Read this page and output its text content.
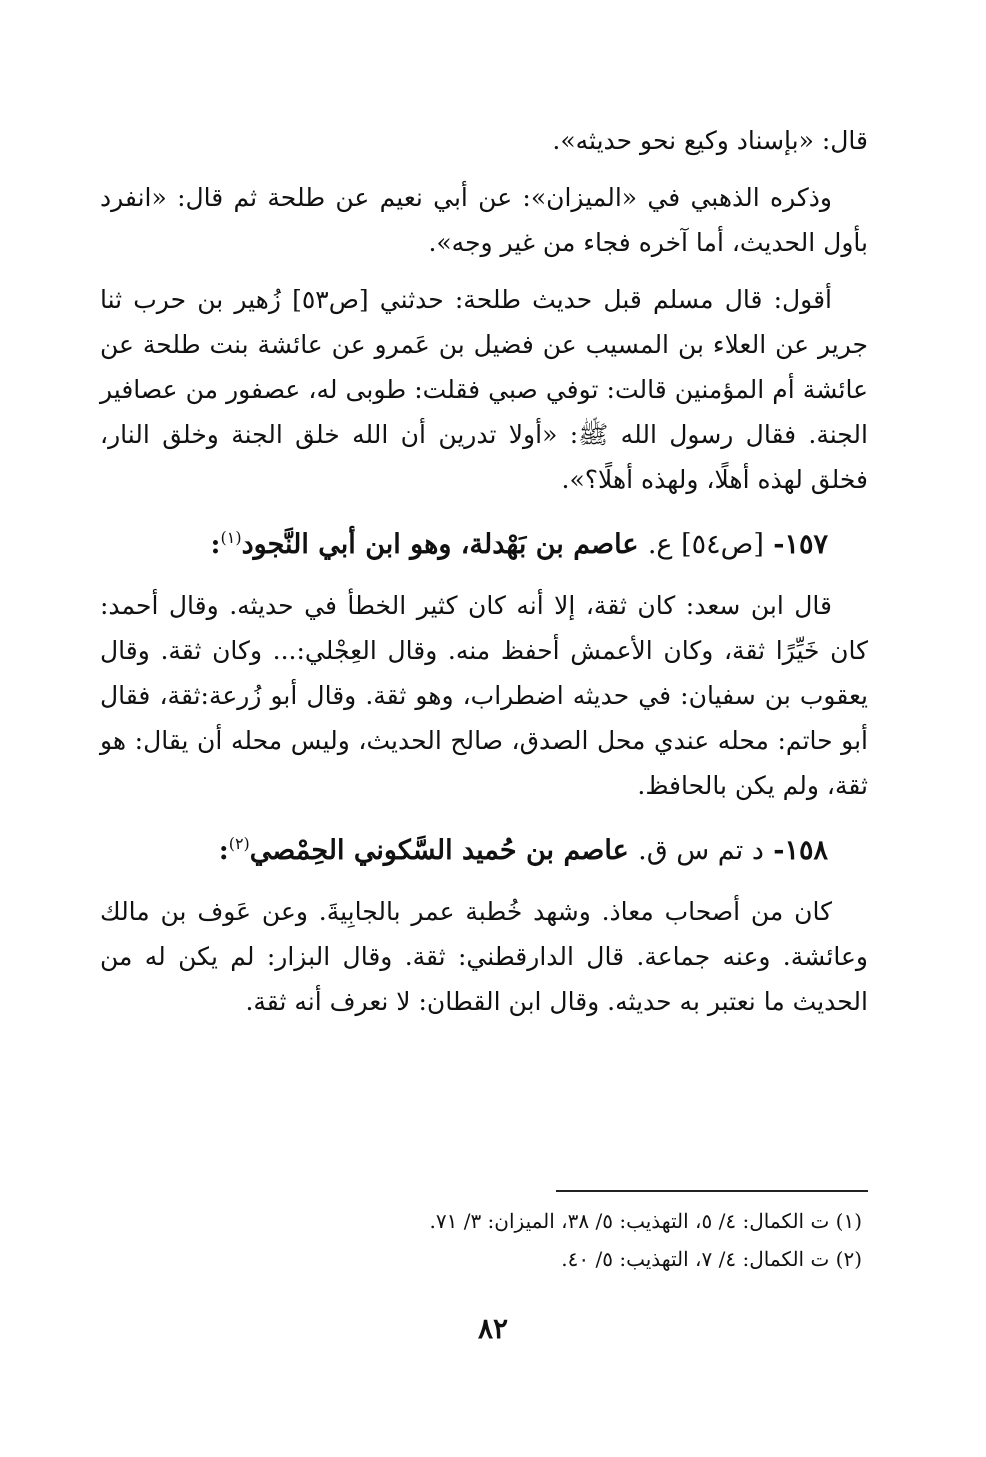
قال: «بإسناد وكيع نحو حديثه».

وذكره الذهبي في «الميزان»: عن أبي نعيم عن طلحة ثم قال: «انفرد بأول الحديث، أما آخره فجاء من غير وجه».

أقول: قال مسلم قبل حديث طلحة: حدثني [ص٥٣] زُهير بن حرب ثنا جرير عن العلاء بن المسيب عن فضيل بن عَمرو عن عائشة بنت طلحة عن عائشة أم المؤمنين قالت: توفي صبي فقلت: طوبى له، عصفور من عصافير الجنة. فقال رسول الله ﷺ: «أولا تدرين أن الله خلق الجنة وخلق النار، فخلق لهذه أهلًا، ولهذه أهلًا؟».

١٥٧- [ص٥٤] ع. عاصم بن بَهْدلة، وهو ابن أبي النَّجود$^{(١)}$:

قال ابن سعد: كان ثقة، إلا أنه كان كثير الخطأ في حديثه. وقال أحمد: كان خَيِّرًا ثقة، وكان الأعمش أحفظ منه. وقال العِجْلي:... وكان ثقة. وقال يعقوب بن سفيان: في حديثه اضطراب، وهو ثقة. وقال أبو زُرعة:ثقة، فقال أبو حاتم: محله عندي محل الصدق، صالح الحديث، وليس محله أن يقال: هو ثقة، ولم يكن بالحافظ.

١٥٨- د تم س ق. عاصم بن حُميد السَّكوني الحِمْصي$^{(٢)}$:

كان من أصحاب معاذ. وشهد خُطبة عمر بالجابِيةَ. وعن عَوف بن مالك وعائشة. وعنه جماعة. قال الدارقطني: ثقة. وقال البزار: لم يكن له من الحديث ما نعتبر به حديثه. وقال ابن القطان: لا نعرف أنه ثقة.

(١) ت الكمال: ٤/ ٥، التهذيب: ٥/ ٣٨، الميزان: ٣/ ٧١.
(٢) ت الكمال: ٤/ ٧، التهذيب: ٥/ ٤٠.
٨٢
